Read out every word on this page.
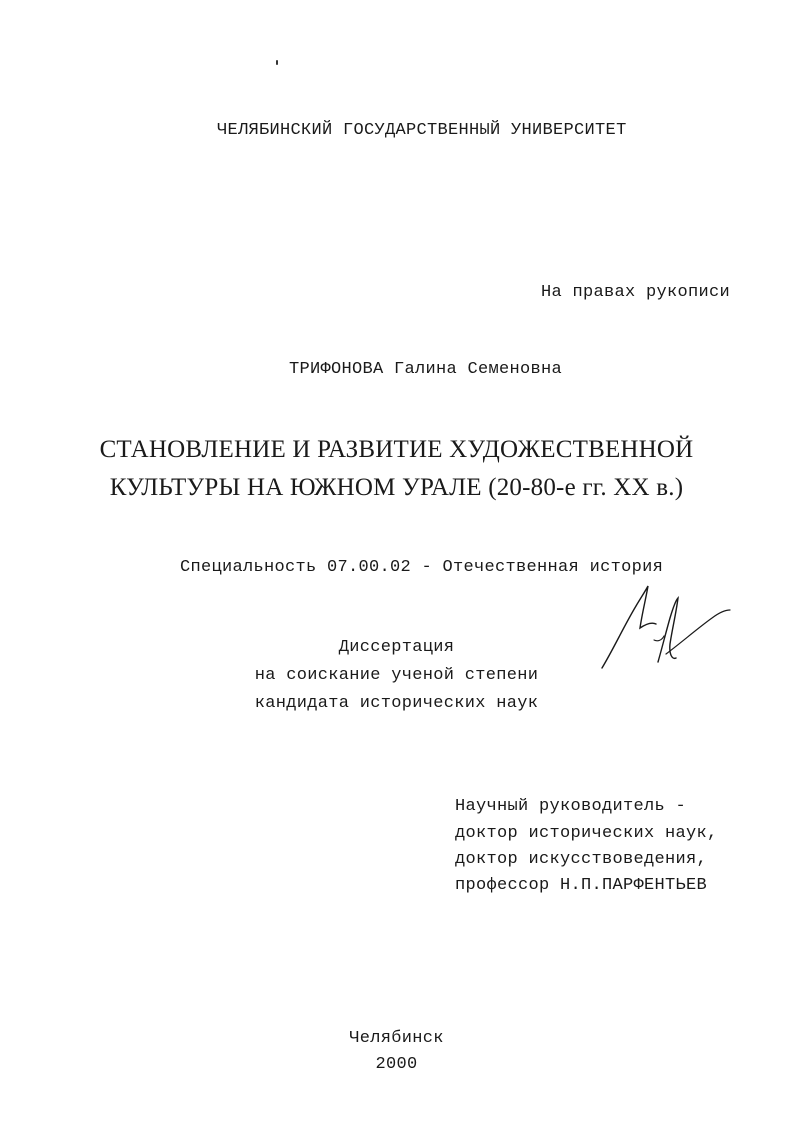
ЧЕЛЯБИНСКИЙ ГОСУДАРСТВЕННЫЙ УНИВЕРСИТЕТ
На правах рукописи
ТРИФОНОВА Галина Семеновна
СТАНОВЛЕНИЕ И РАЗВИТИЕ ХУДОЖЕСТВЕННОЙ
КУЛЬТУРЫ НА ЮЖНОМ УРАЛЕ (20-80-е гг. XX в.)
Специальность 07.00.02 - Отечественная история
Диссертация
на соискание ученой степени
кандидата исторических наук
Научный руководитель -
доктор исторических наук,
доктор искусствоведения,
профессор Н.П.ПАРФЕНТЬЕВ
Челябинск
2000
